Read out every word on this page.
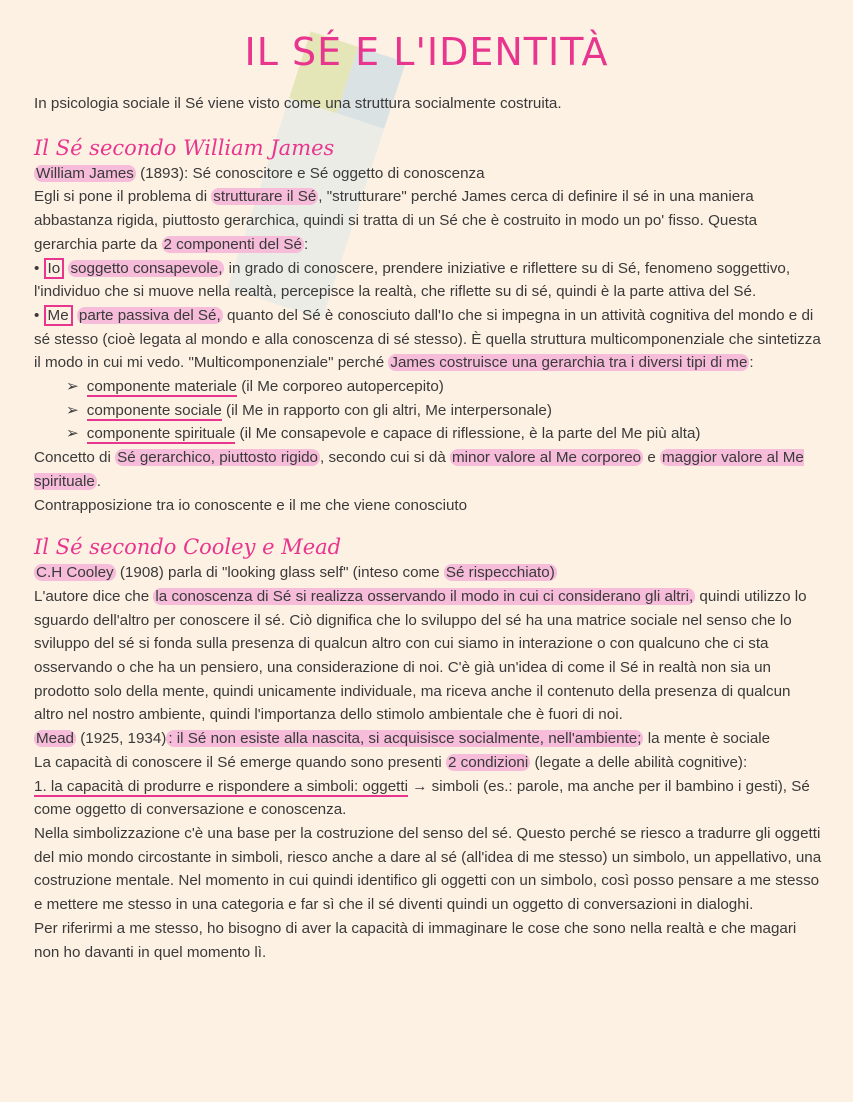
IL SÉ E L'IDENTITÀ

In psicologia sociale il Sé viene visto come una struttura socialmente costruita.

Il Sé secondo William James

William James (1893): Sé conoscitore e Sé oggetto di conoscenza

Egli si pone il problema di strutturare il Sé , "strutturare" perché James cerca di definire il sé in una maniera abbastanza rigida, piuttosto gerarchica, quindi si tratta di un Sé che è costruito in modo un po' fisso. Questa gerarchia parte da 2 componenti del Sé :

• Io soggetto consapevole, in grado di conoscere, prendere iniziative e riflettere su di Sé, fenomeno soggettivo, l'individuo che si muove nella realtà, percepisce la realtà, che riflette su di sé, quindi è la parte attiva del Sé.

• Me parte passiva del Sé, quanto del Sé è conosciuto dall'Io che si impegna in un attività cognitiva del mondo e di sé stesso (cioè legata al mondo e alla conoscenza di sé stesso). È quella struttura multicomponenziale che sintetizza il modo in cui mi vedo. "Multicomponenziale" perché James costruisce una gerarchia tra i diversi tipi di me :

➢ componente materiale (il Me corporeo autopercepito)
➢ componente sociale (il Me in rapporto con gli altri, Me interpersonale)
➢ componente spirituale (il Me consapevole e capace di riflessione, è la parte del Me più alta)

Concetto di Sé gerarchico, piuttosto rigido , secondo cui si dà minor valore al Me corporeo e maggior valore al Me spirituale .

Contrapposizione tra io conoscente e il me che viene conosciuto

Il Sé secondo Cooley e Mead

C.H Cooley (1908) parla di "looking glass self" (inteso come Sé rispecchiato)

L'autore dice che la conoscenza di Sé si realizza osservando il modo in cui ci considerano gli altri, quindi utilizzo lo sguardo dell'altro per conoscere il sé. Ciò dignifica che lo sviluppo del sé ha una matrice sociale nel senso che lo sviluppo del sé si fonda sulla presenza di qualcun altro con cui siamo in interazione o con qualcuno che ci sta osservando o che ha un pensiero, una considerazione di noi. C'è già un'idea di come il Sé in realtà non sia un prodotto solo della mente, quindi unicamente individuale, ma riceva anche il contenuto della presenza di qualcun altro nel nostro ambiente, quindi l'importanza dello stimolo ambientale che è fuori di noi.

Mead (1925, 1934) : il Sé non esiste alla nascita, si acquisisce socialmente, nell'ambiente; la mente è sociale

La capacità di conoscere il Sé emerge quando sono presenti 2 condizioni (legate a delle abilità cognitive):

1. la capacità di produrre e rispondere a simboli: oggetti → simboli (es.: parole, ma anche per il bambino i gesti), Sé come oggetto di conversazione e conoscenza.

Nella simbolizzazione c'è una base per la costruzione del senso del sé. Questo perché se riesco a tradurre gli oggetti del mio mondo circostante in simboli, riesco anche a dare al sé (all'idea di me stesso) un simbolo, un appellativo, una costruzione mentale. Nel momento in cui quindi identifico gli oggetti con un simbolo, così posso pensare a me stesso e mettere me stesso in una categoria e far sì che il sé diventi quindi un oggetto di conversazioni in dialoghi.

Per riferirmi a me stesso, ho bisogno di aver la capacità di immaginare le cose che sono nella realtà e che magari non ho davanti in quel momento lì.
